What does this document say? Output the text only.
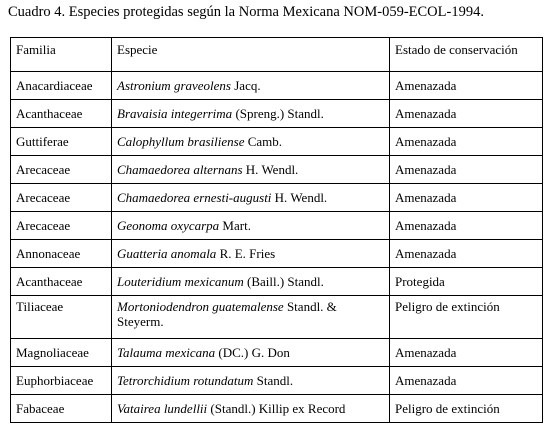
Cuadro 4. Especies protegidas según la Norma Mexicana NOM-059-ECOL-1994.
Familia	Especie	Estado de conservación
Anacardiaceae	Astronium graveolens Jacq.	Amenazada
Acanthaceae	Bravaisia integerrima (Spreng.) Standl.	Amenazada
Guttiferae	Calophyllum brasiliense Camb.	Amenazada
Arecaceae	Chamaedorea alternans H. Wendl.	Amenazada
Arecaceae	Chamaedorea ernesti-augusti H. Wendl.	Amenazada
Arecaceae	Geonoma oxycarpa Mart.	Amenazada
Annonaceae	Guatteria anomala R. E. Fries	Amenazada
Acanthaceae	Louteridium mexicanum (Baill.) Standl.	Protegida
Tiliaceae	Mortoniodendron guatemalense Standl. & Steyerm.	Peligro de extinción
Magnoliaceae	Talauma mexicana (DC.) G. Don	Amenazada
Euphorbiaceae	Tetrorchidium rotundatum Standl.	Amenazada
Fabaceae	Vatairea lundellii (Standl.) Killip ex Record	Peligro de extinción
